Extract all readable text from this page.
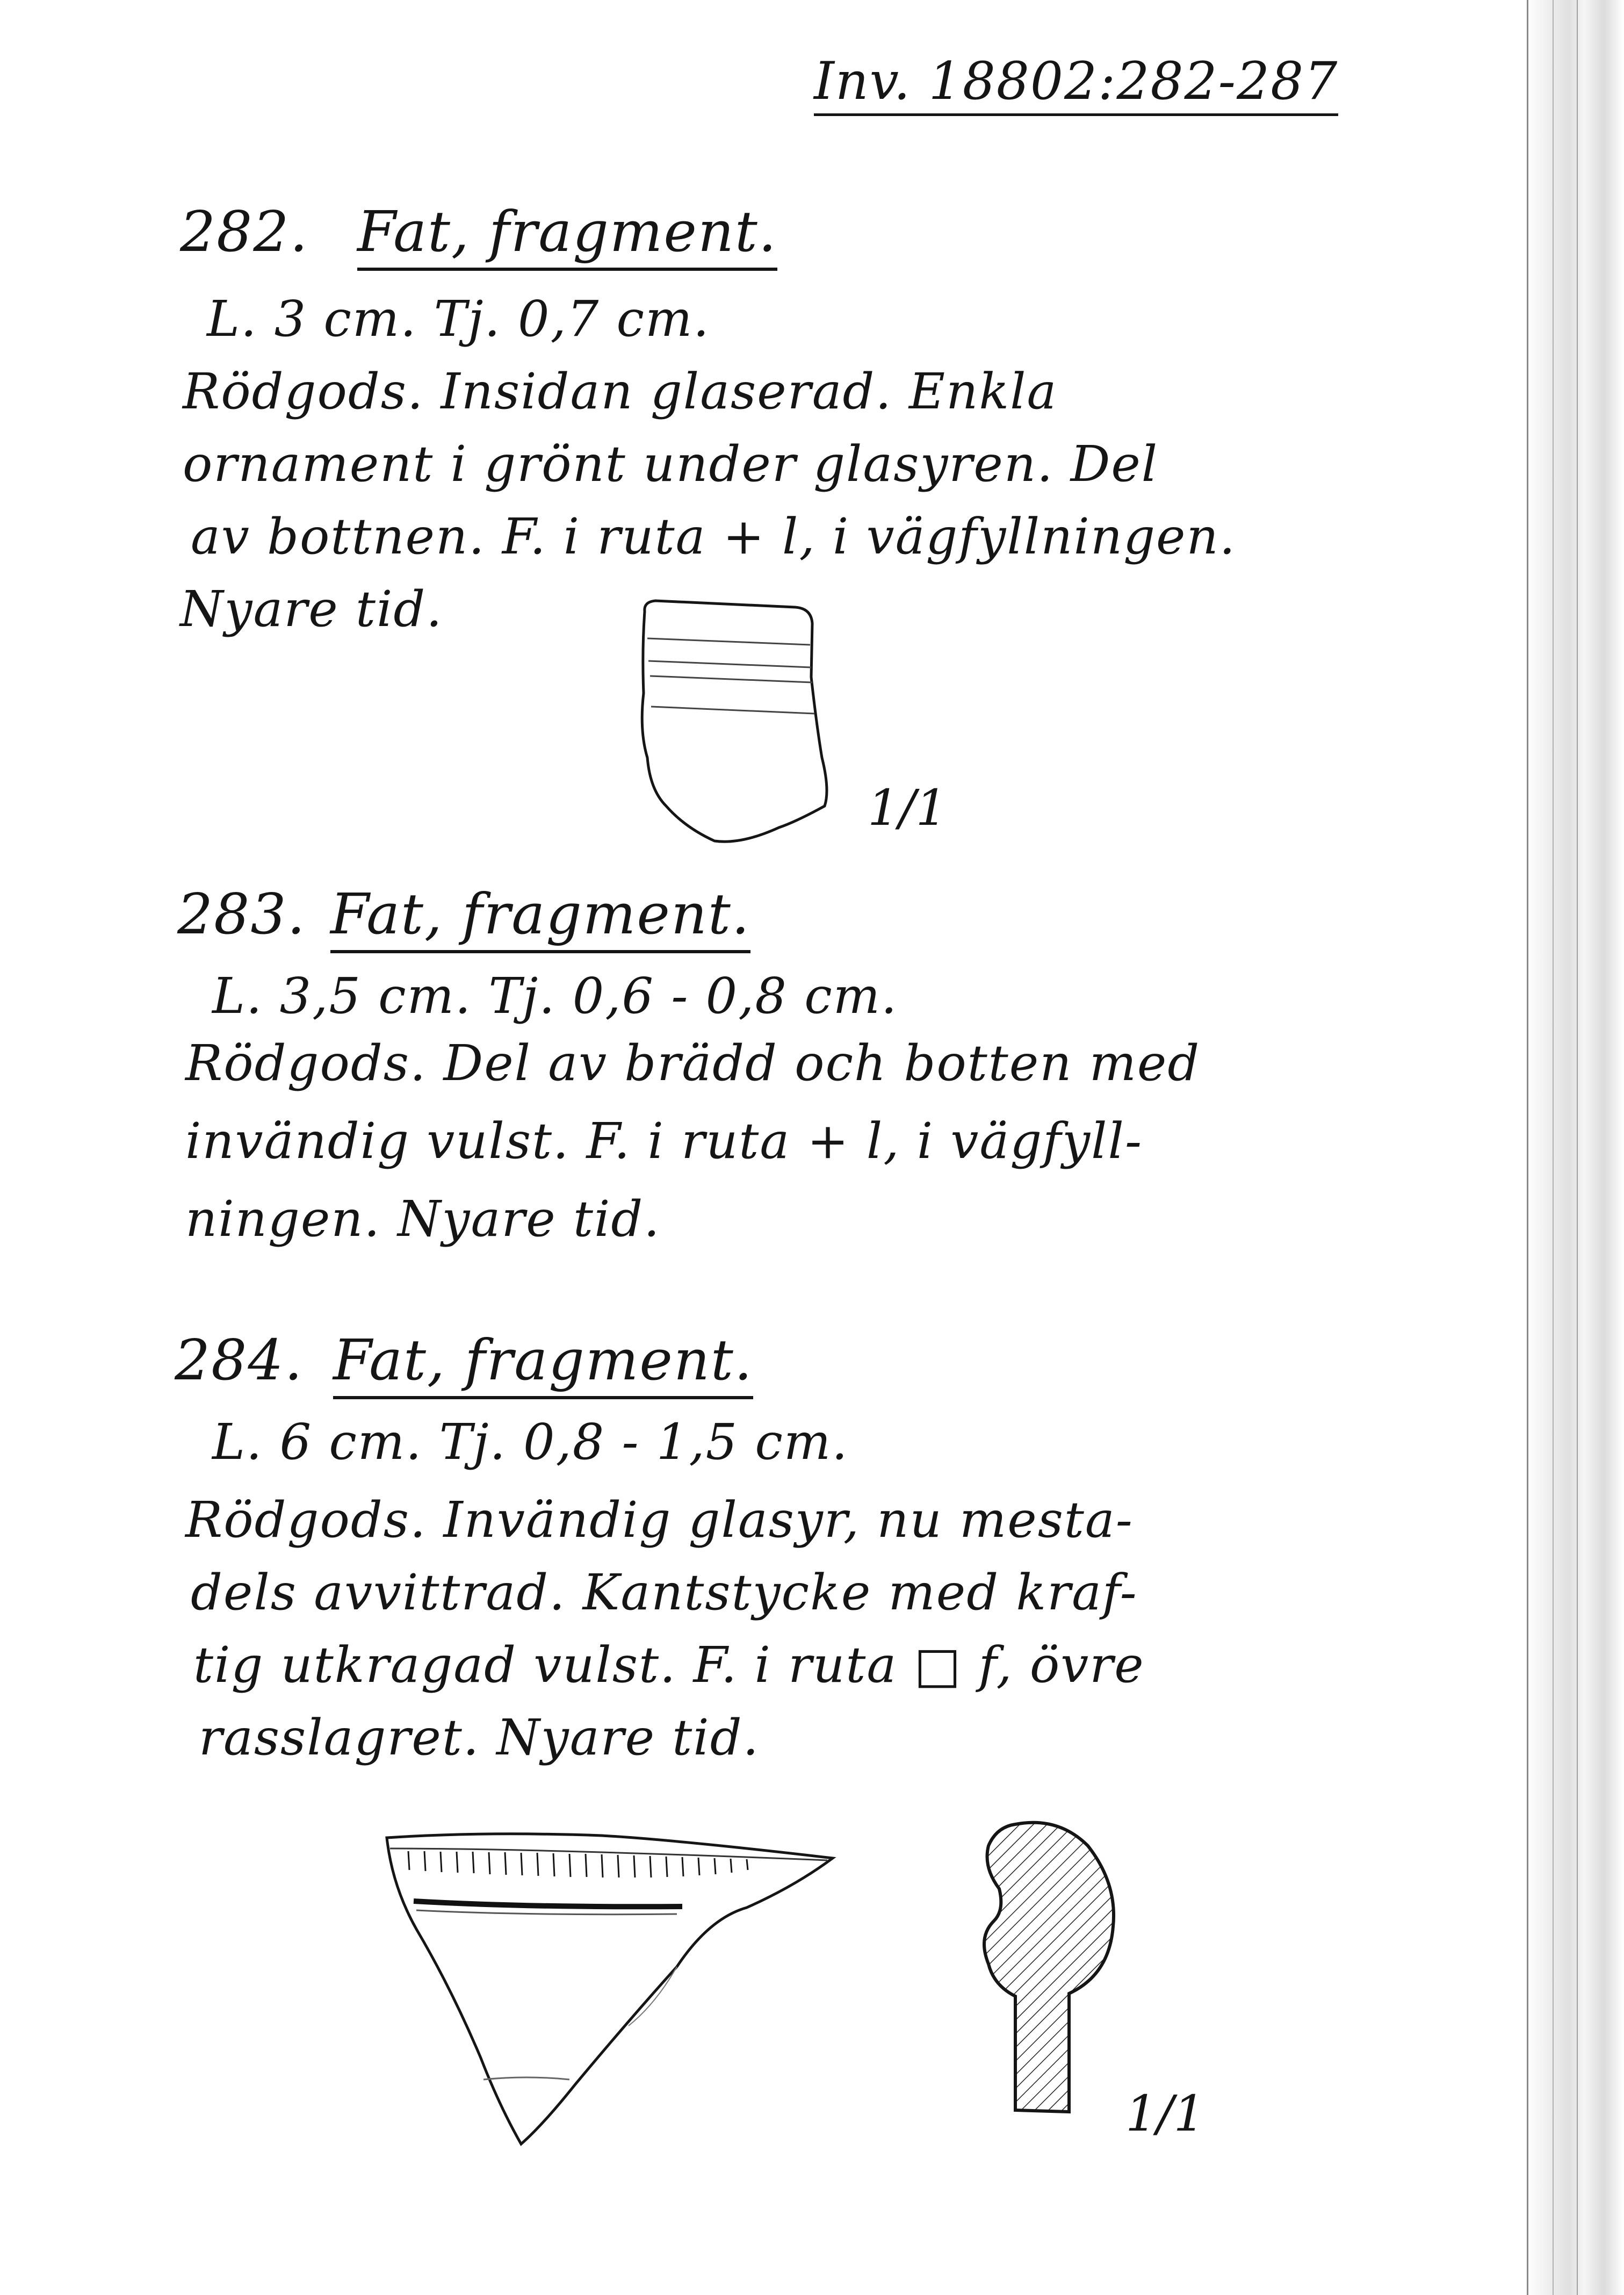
Inv. 18802:282-287
282. Fat, fragment.
L. 3 cm. Tj. 0,7 cm.
Rödgods. Insidan glaserad. Enkla
ornament i grönt under glasyren. Del
av bottnen. F. i ruta + l, i vägfyllningen.
Nyare tid.
1/1
283. Fat, fragment.
L. 3,5 cm. Tj. 0,6 - 0,8 cm.
Rödgods. Del av brädd och botten med
invändig vulst. F. i ruta + l, i vägfyll-
ningen. Nyare tid.
284. Fat, fragment.
L. 6 cm. Tj. 0,8 - 1,5 cm.
Rödgods. Invändig glasyr, nu mesta-
dels avvittrad. Kantstycke med kraf-
tig utkragad vulst. F. i ruta □ f, övre
rasslagret. Nyare tid.
1/1
